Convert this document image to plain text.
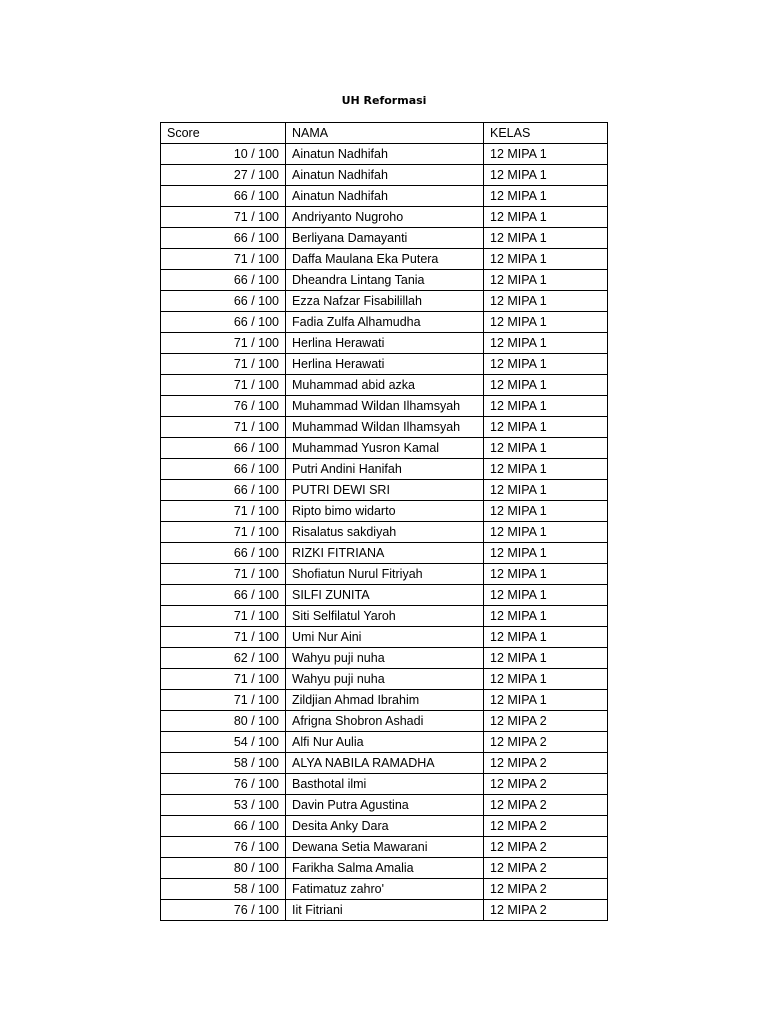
UH Reformasi
Score	NAMA	KELAS
10 / 100	Ainatun Nadhifah	12 MIPA 1
27 / 100	Ainatun Nadhifah	12 MIPA 1
66 / 100	Ainatun Nadhifah	12 MIPA 1
71 / 100	Andriyanto Nugroho	12 MIPA 1
66 / 100	Berliyana Damayanti	12 MIPA 1
71 / 100	Daffa Maulana Eka Putera	12 MIPA 1
66 / 100	Dheandra Lintang Tania	12 MIPA 1
66 / 100	Ezza Nafzar Fisabilillah	12 MIPA 1
66 / 100	Fadia Zulfa Alhamudha	12 MIPA 1
71 / 100	Herlina Herawati	12 MIPA 1
71 / 100	Herlina Herawati	12 MIPA 1
71 / 100	Muhammad abid azka	12 MIPA 1
76 / 100	Muhammad Wildan Ilhamsyah	12 MIPA 1
71 / 100	Muhammad Wildan Ilhamsyah	12 MIPA 1
66 / 100	Muhammad Yusron Kamal	12 MIPA 1
66 / 100	Putri Andini Hanifah	12 MIPA 1
66 / 100	PUTRI DEWI SRI	12 MIPA 1
71 / 100	Ripto bimo widarto	12 MIPA 1
71 / 100	Risalatus sakdiyah	12 MIPA 1
66 / 100	RIZKI FITRIANA	12 MIPA 1
71 / 100	Shofiatun Nurul Fitriyah	12 MIPA 1
66 / 100	SILFI ZUNITA	12 MIPA 1
71 / 100	Siti Selfilatul Yaroh	12 MIPA 1
71 / 100	Umi Nur Aini	12 MIPA 1
62 / 100	Wahyu puji nuha	12 MIPA 1
71 / 100	Wahyu puji nuha	12 MIPA 1
71 / 100	Zildjian Ahmad Ibrahim	12 MIPA 1
80 / 100	Afrigna Shobron Ashadi	12 MIPA 2
54 / 100	Alfi Nur Aulia	12 MIPA 2
58 / 100	ALYA NABILA RAMADHA	12 MIPA 2
76 / 100	Basthotal ilmi	12 MIPA 2
53 / 100	Davin Putra Agustina	12 MIPA 2
66 / 100	Desita Anky Dara	12 MIPA 2
76 / 100	Dewana Setia Mawarani	12 MIPA 2
80 / 100	Farikha Salma Amalia	12 MIPA 2
58 / 100	Fatimatuz zahro'	12 MIPA 2
76 / 100	Iit Fitriani	12 MIPA 2
